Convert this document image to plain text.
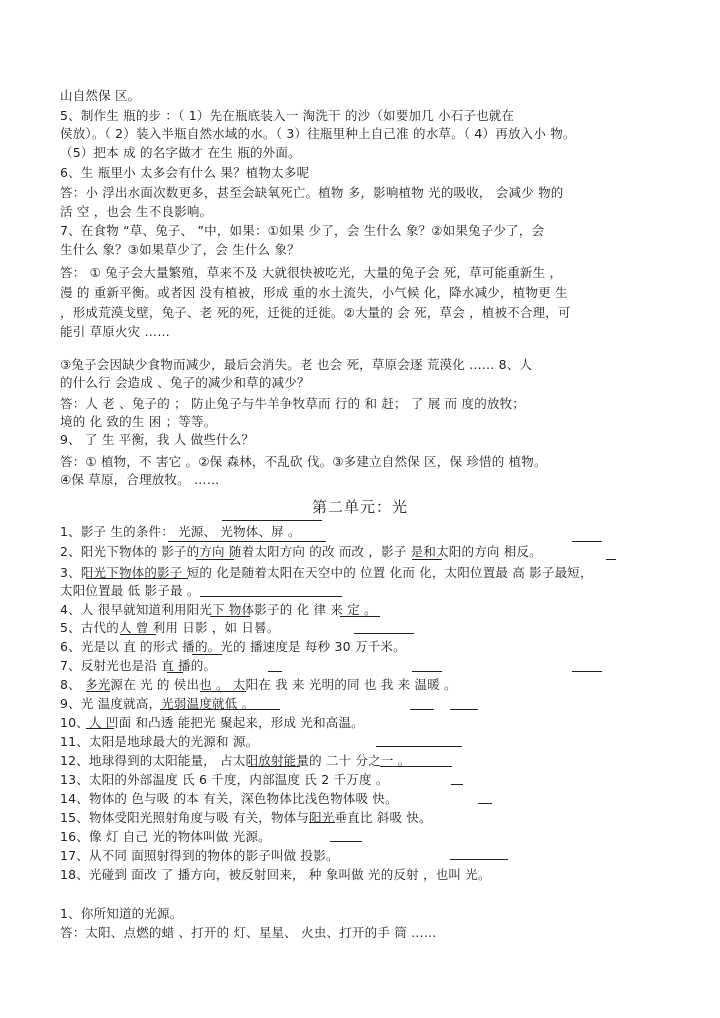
山自然保 区。
5、制作生 瓶的步 ：（ 1）先在瓶底装入一 淘洗干 的沙（如要加几 小石子也就在
侯放）。（ 2）装入半瓶自然水域的水。（ 3）往瓶里种上自己准 的水草。（ 4）再放入小 物。
（5）把本 成 的名字做才 在生 瓶的外面。
6、生 瓶里小 太多会有什么 果？植物太多呢
答：小 浮出水面次数更多，甚至会缺氧死亡。植物 多，影响植物 光的吸收， 会减少 物的
活 空 ，也会 生不良影响。
7、在食物 “草、兔子、 ”中，如果：①如果 少了，会 生什么 象？②如果兔子少了，会
生什么 象？③如果草少了，会 生什么 象？
答： ① 兔子会大量繁殖，草来不及 大就很快被吃光，大量的兔子会 死，草可能重新生 ，
漫 的 重新平衡。或者因 没有植被，形成 重的水土流失，小气候 化，降水减少，植物更 生
，形成荒漠戈壁，兔子、老 死的死，迁徙的迁徙。②大量的 会 死，草会 ，植被不合理，可
能引 草原火灾 ……
③兔子会因缺少食物而减少，最后会消失。老 也会 死，草原会逐 荒漠化 …… 8、人
的什么行 会造成 、兔子的减少和草的减少？
答：人 老 、兔子的 ； 防止兔子与牛羊争牧草而 行的 和 赶； 了 展 而 度的放牧；
境的 化 致的生 困 ；等等。
9、 了 生 平衡，我 人 做些什么？
答：① 植物，不 害它 。②保 森林，不乱砍 伐。③多建立自然保 区，保 珍惜的 植物。
④保 草原，合理放牧。 ……
第二单元：光
1、影子 生的条件： 光源、 光物体、屏 。
2、阳光下物体的 影子的方向 随着太阳方向 的改 而改 ，影子 是和太阳的方向 相反。
3、阳光下物体的影子 短的 化是随着太阳在天空中的 位置 化而 化，太阳位置最 高 影子最短，
太阳位置最 低 影子最 。
4、人 很早就知道利用阳光下 物体影子的 化 律 来 定 。
5、古代的人 曾 利用 日影 ，如 日晷。
6、光是以 直 的形式 播的。光的 播速度是 每秒 30 万千米。
7、反射光也是沿 直 播的。
8、 多光源在 光 的 侯出也 。 太阳在 我 来 光明的同 也 我 来 温暖 。
9、光 温度就高，光弱温度就低 。
10、人 凹面 和凸透 能把光 聚起来，形成 光和高温。
11、太阳是地球最大的光源和 源。
12、地球得到的太阳能量， 占太阳放射能量的 二十 分之一 。
13、太阳的外部温度 氏 6 千度，内部温度 氏 2 千万度 。
14、物体的 色与吸 的本 有关，深色物体比浅色物体吸 快。
15、物体受阳光照射角度与吸 有关，物体与阳光垂直比 斜吸 快。
16、像 灯 自己 光的物体叫做 光源。
17、从不同 面照射得到的物体的影子叫做 投影。
18、光碰到 面改 了 播方向，被反射回来， 种 象叫做 光的反射 ，也叫 光。
1、你所知道的光源。
答：太阳、点燃的蜡 、打开的 灯、星星、 火虫、打开的手 筒 ……
